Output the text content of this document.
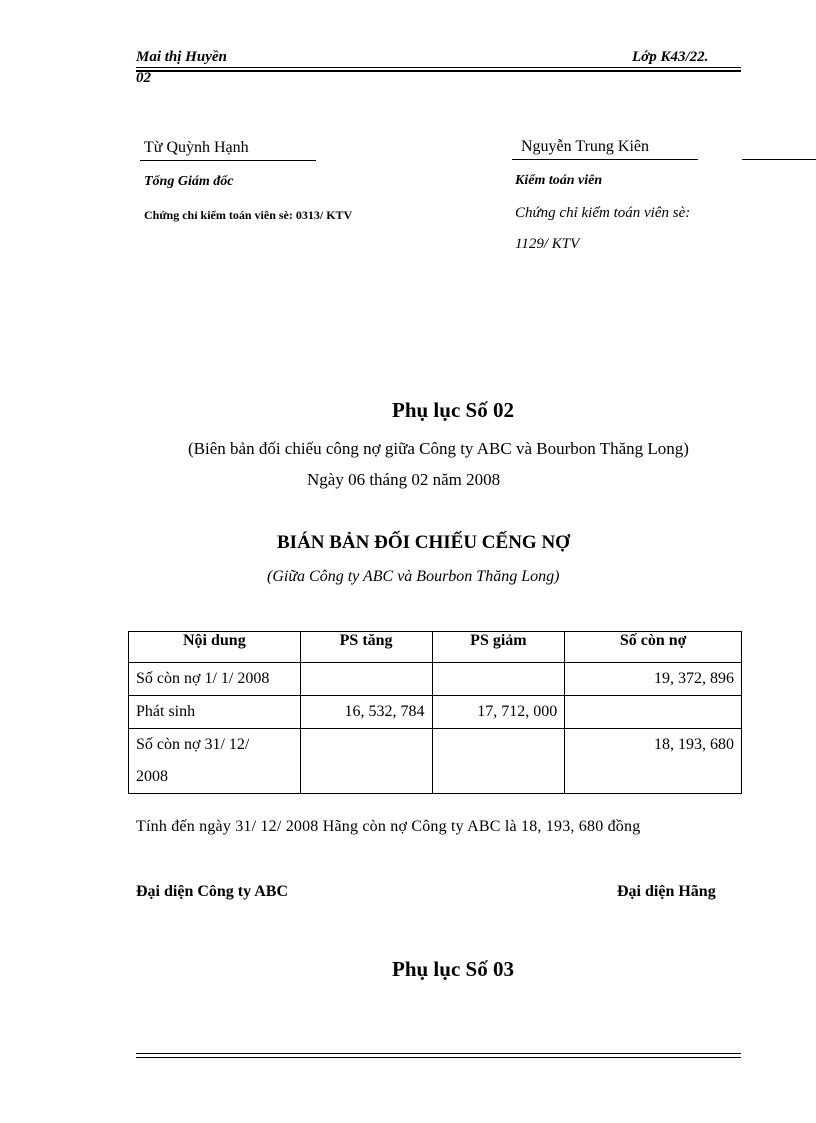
Mai thị Huyền	Lớp K43/22.
02
Từ Quỳnh Hạnh
Tổng Giám đốc
Chứng chỉ kiểm toán viên sè: 0313/ KTV
Nguyễn Trung Kiên
Kiểm toán viên
Chứng chỉ kiểm toán viên sè:
1129/ KTV
Phụ lục Số 02
(Biên bản đối chiếu công nợ giữa Công ty ABC và Bourbon Thăng Long)
Ngày 06 tháng 02 năm 2008
BIÁN BẢN ĐỐI CHIẾU CẾNG NỢ
(Giữa Công ty ABC và Bourbon Thăng Long)
Nội dung	PS tăng	PS giảm	Số còn nợ
Số còn nợ 1/ 1/ 2008			19, 372, 896
Phát sinh	16, 532, 784	17, 712, 000	

Số còn nợ 31/ 12/
2008			18, 193, 680
Tính đến ngày 31/ 12/ 2008 Hãng còn nợ Công ty ABC là 18, 193, 680 đồng
Đại diện Công ty ABC	Đại diện Hãng
Phụ lục Số 03
